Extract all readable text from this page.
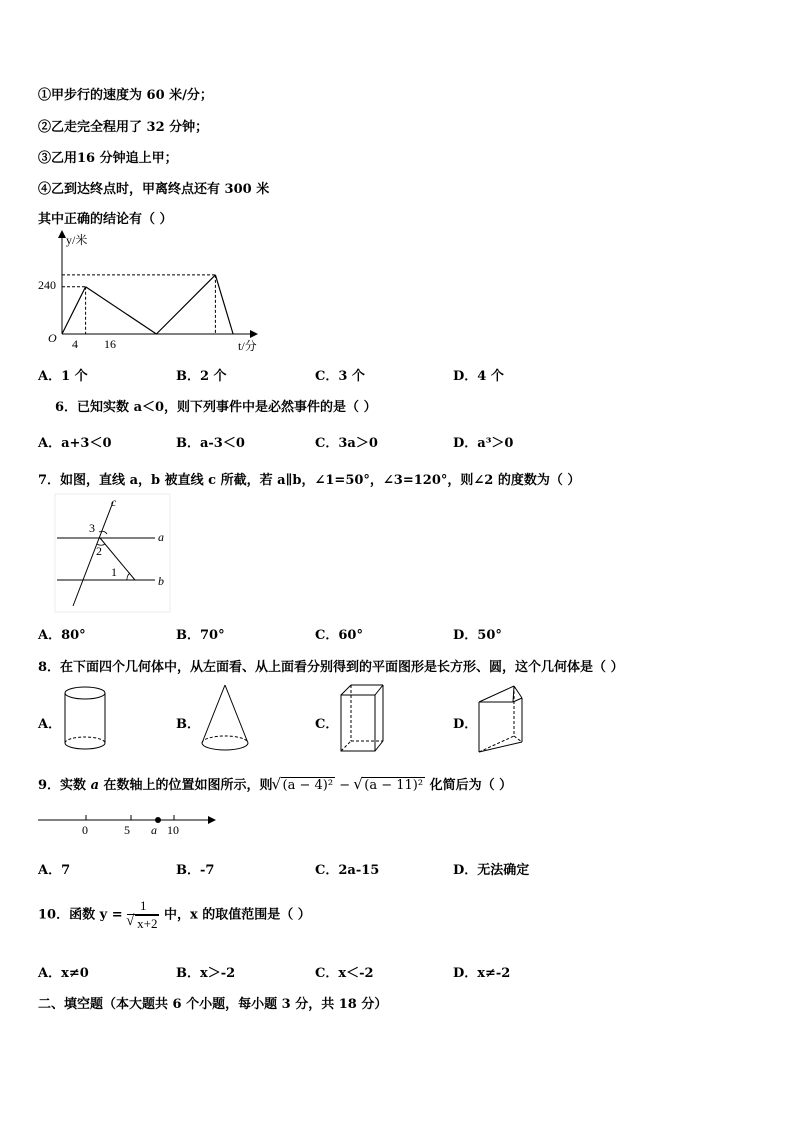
①甲步行的速度为 60 米/分；
②乙走完全程用了 32 分钟；
③乙用16 分钟追上甲；
④乙到达终点时，甲离终点还有 300 米
其中正确的结论有（ ）
y/米
t/分
O
240
4 16
A．1 个	B．2 个	C．3 个	D．4 个
6．已知实数 a＜0，则下列事件中是必然事件的是（ ）
A．a+3＜0	B．a-3＜0	C．3a＞0	D．a³＞0
7．如图，直线 a，b 被直线 c 所截，若 a∥b，∠1=50°，∠3=120°，则∠2 的度数为（ ）
c
a
b
3
2
1
A．80°	B．70°	C．60°	D．50°
8．在下面四个几何体中，从左面看、从上面看分别得到的平面图形是长方形、圆，这个几何体是（ ）
A．	B．	C．	D．
9．实数 a 在数轴上的位置如图所示，则√ (a − 4)² − √ (a − 11)² 化简后为（ ）
0	5 a 10
A．7	B．-7	C．2a-15	D．无法确定
10．函数 y = 1
√ x+2 中，x 的取值范围是（ ）
A．x≠0	B．x＞-2	C．x＜-2	D．x≠-2
二、填空题（本大题共 6 个小题，每小题 3 分，共 18 分）
